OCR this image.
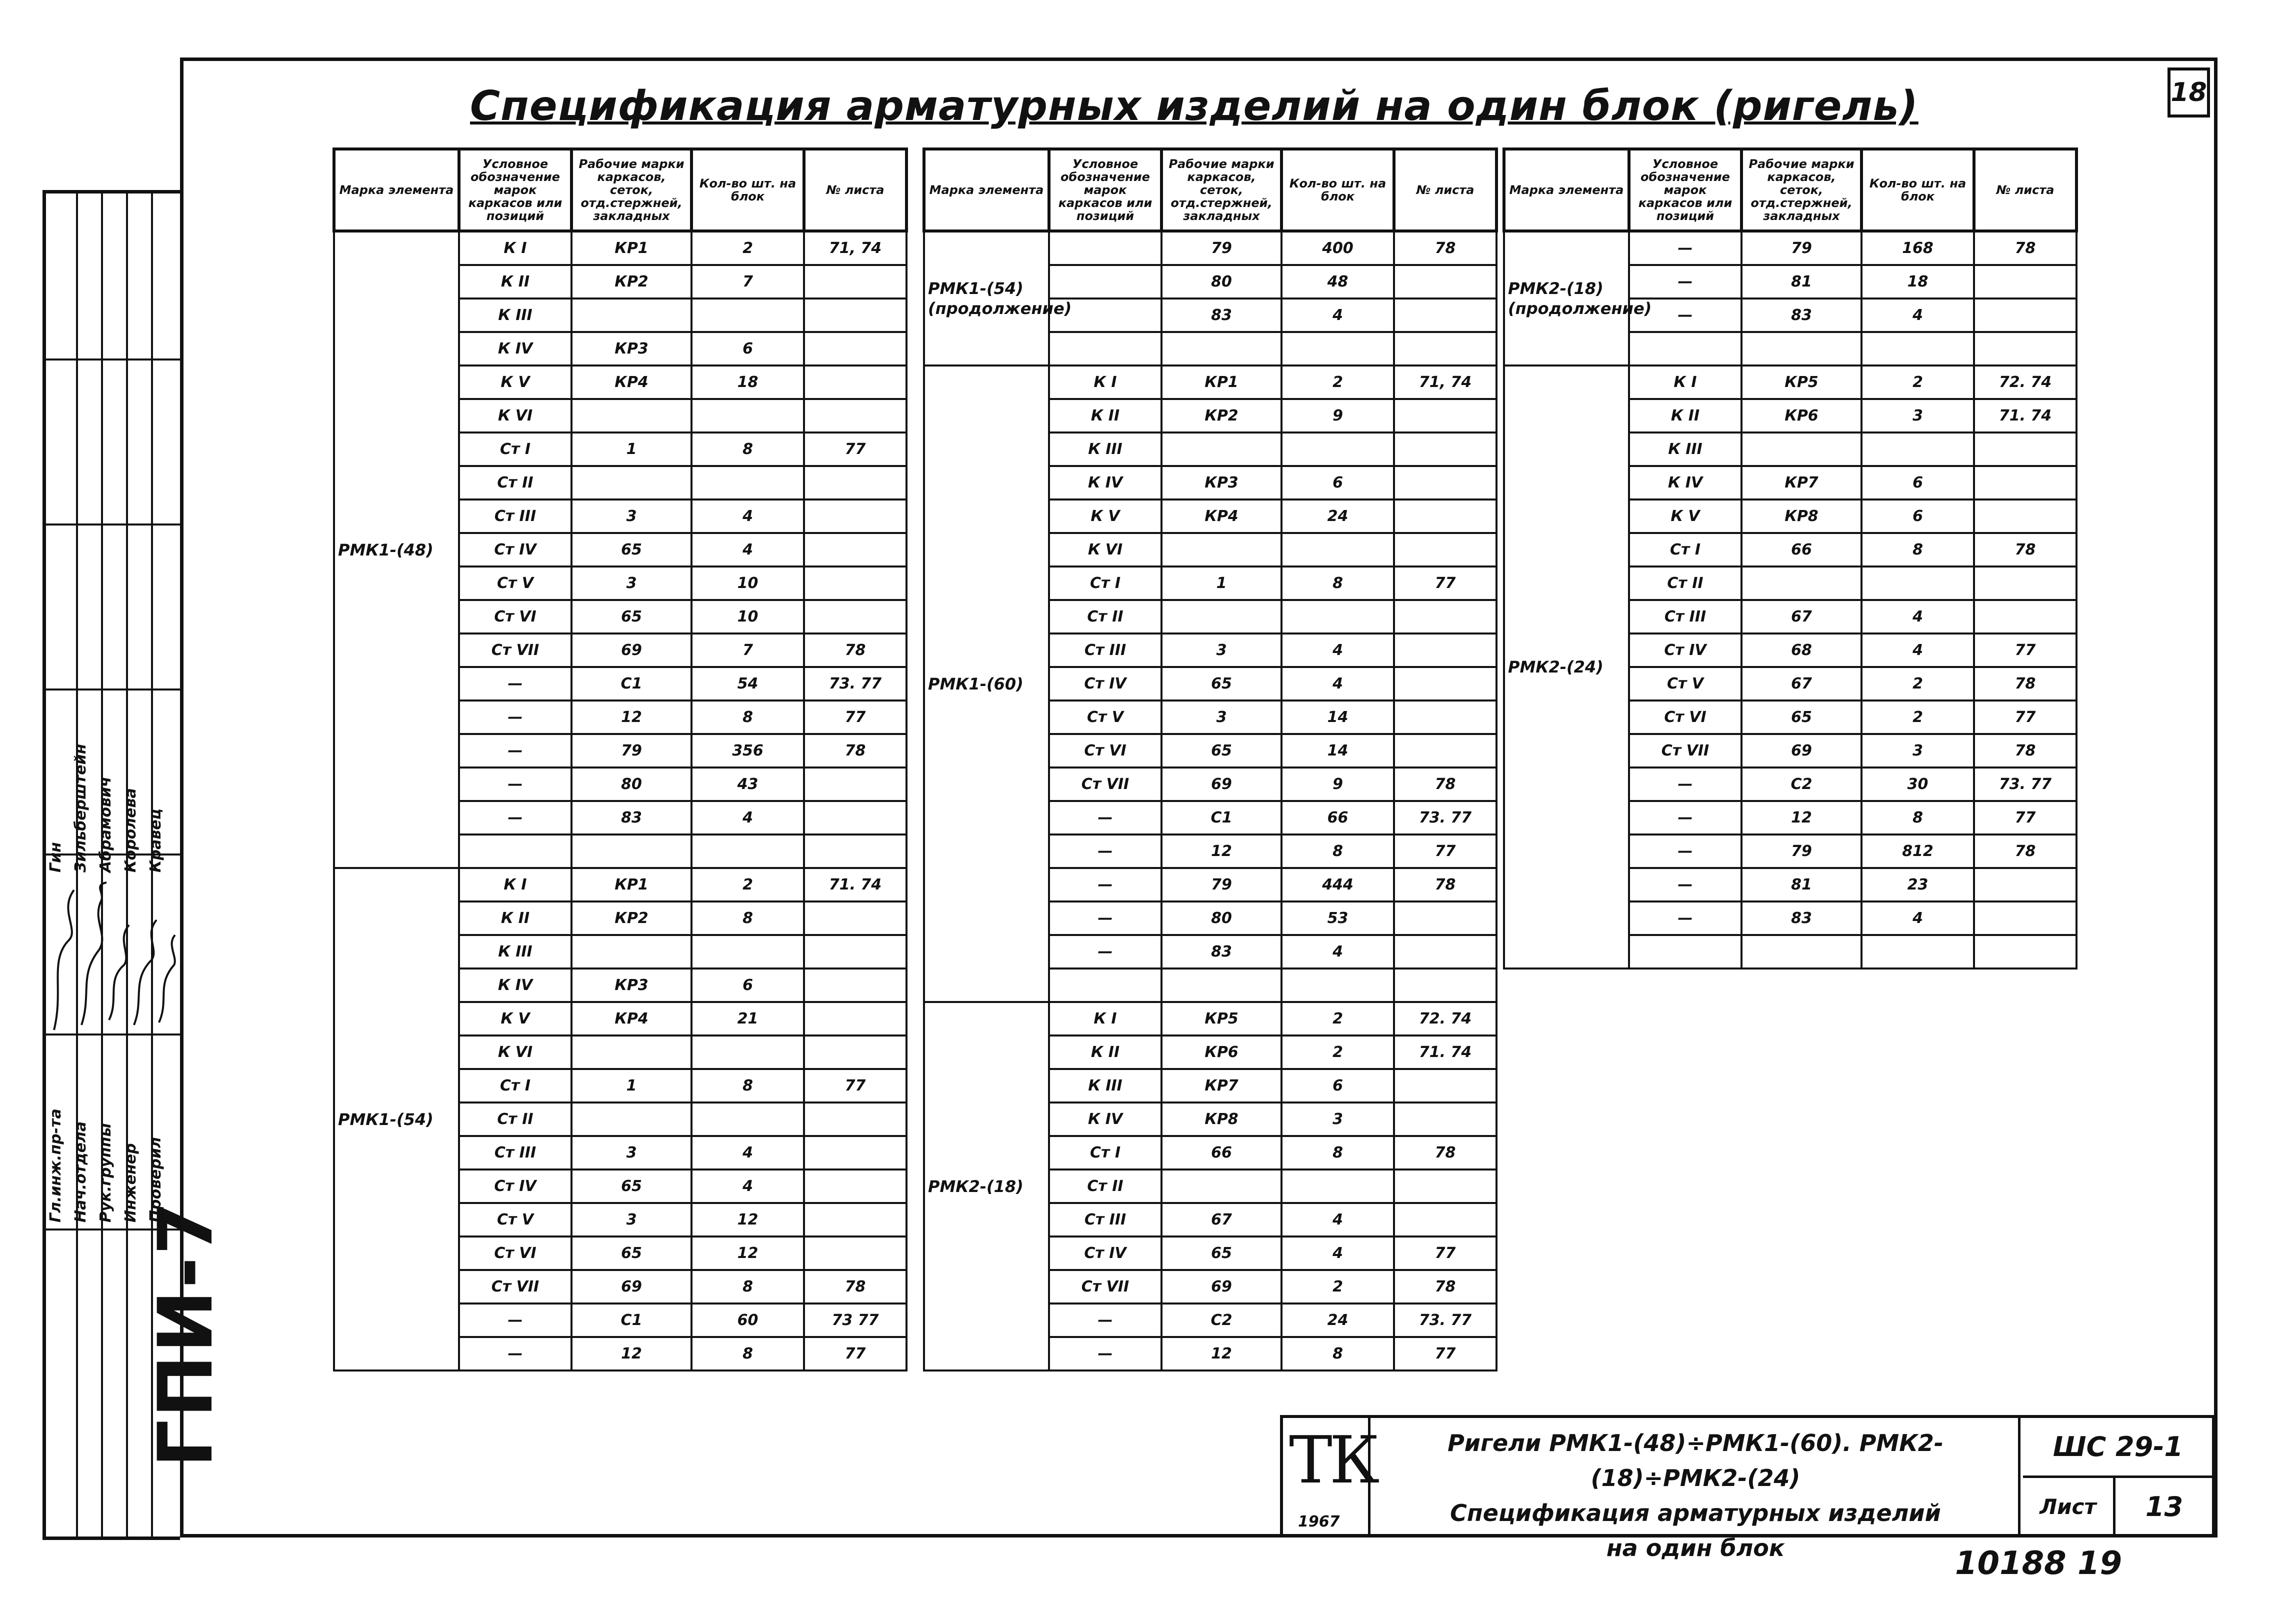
Гл.инж.пр-та Нач.отдела Рук.группы Инженер Проверил
Гин Зильберштейн Абрамович Королева Кравец
ГПИ-7
18
Спецификация арматурных изделий на один блок (ригель)
Марка элемента	Условное обозначение марок каркасов или позиций	Рабочие марки каркасов, сеток, отд.стержней, закладных	Кол-во шт. на блок	№ листа
РМК1-(48)	К I	КР1	2	71, 74
	К II	КР2	7	
	К III			
	К IV	КР3	6	
	К V	КР4	18	
	К VI			
	Ст I	1	8	77
	Ст II			
	Ст III	3	4	
	Ст IV	65	4	
	Ст V	3	10	
	Ст VI	65	10	
	Ст VII	69	7	78
	—	С1	54	73. 77
	—	12	8	77
	—	79	356	78
	—	80	43	
	—	83	4	

РМК1-(54)	К I	КР1	2	71. 74
	К II	КР2	8	
	К III			
	К IV	КР3	6	
	К V	КР4	21	
	К VI			
	Ст I	1	8	77
	Ст II			
	Ст III	3	4	
	Ст IV	65	4	
	Ст V	3	12	
	Ст VI	65	12	
	Ст VII	69	8	78
	—	С1	60	73 77
	—	12	8	77
Марка элемента	Условное обозначение марок каркасов или позиций	Рабочие марки каркасов, сеток, отд.стержней, закладных	Кол-во шт. на блок	№ листа
РМК1-(54) (продолжение)		79	400	78
		80	48	
		83	4	

РМК1-(60)	К I	КР1	2	71, 74
	К II	КР2	9	
	К III			
	К IV	КР3	6	
	К V	КР4	24	
	К VI			
	Ст I	1	8	77
	Ст II			
	Ст III	3	4	
	Ст IV	65	4	
	Ст V	3	14	
	Ст VI	65	14	
	Ст VII	69	9	78
	—	С1	66	73. 77
	—	12	8	77
	—	79	444	78
	—	80	53	
	—	83	4	

РМК2-(18)	К I	КР5	2	72. 74
	К II	КР6	2	71. 74
	К III	КР7	6	
	К IV	КР8	3	
	Ст I	66	8	78
	Ст II			
	Ст III	67	4	
	Ст IV	65	4	77
	Ст VII	69	2	78
	—	С2	24	73. 77
	—	12	8	77
Марка элемента	Условное обозначение марок каркасов или позиций	Рабочие марки каркасов, сеток, отд.стержней, закладных	Кол-во шт. на блок	№ листа
РМК2-(18) (продолжение)	—	79	168	78
	—	81	18	
	—	83	4	

РМК2-(24)	К I	КР5	2	72. 74
	К II	КР6	3	71. 74
	К III			
	К IV	КР7	6	
	К V	КР8	6	
	Ст I	66	8	78
	Ст II			
	Ст III	67	4	
	Ст IV	68	4	77
	Ст V	67	2	78
	Ст VI	65	2	77
	Ст VII	69	3	78
	—	С2	30	73. 77
	—	12	8	77
	—	79	812	78
	—	81	23	
	—	83	4	

ТК
1967
Ригели РМК1-(48)÷РМК1-(60). РМК2-(18)÷РМК2-(24)
Спецификация арматурных изделий
на один блок
ШС 29-1
Лист	13
10188 19
